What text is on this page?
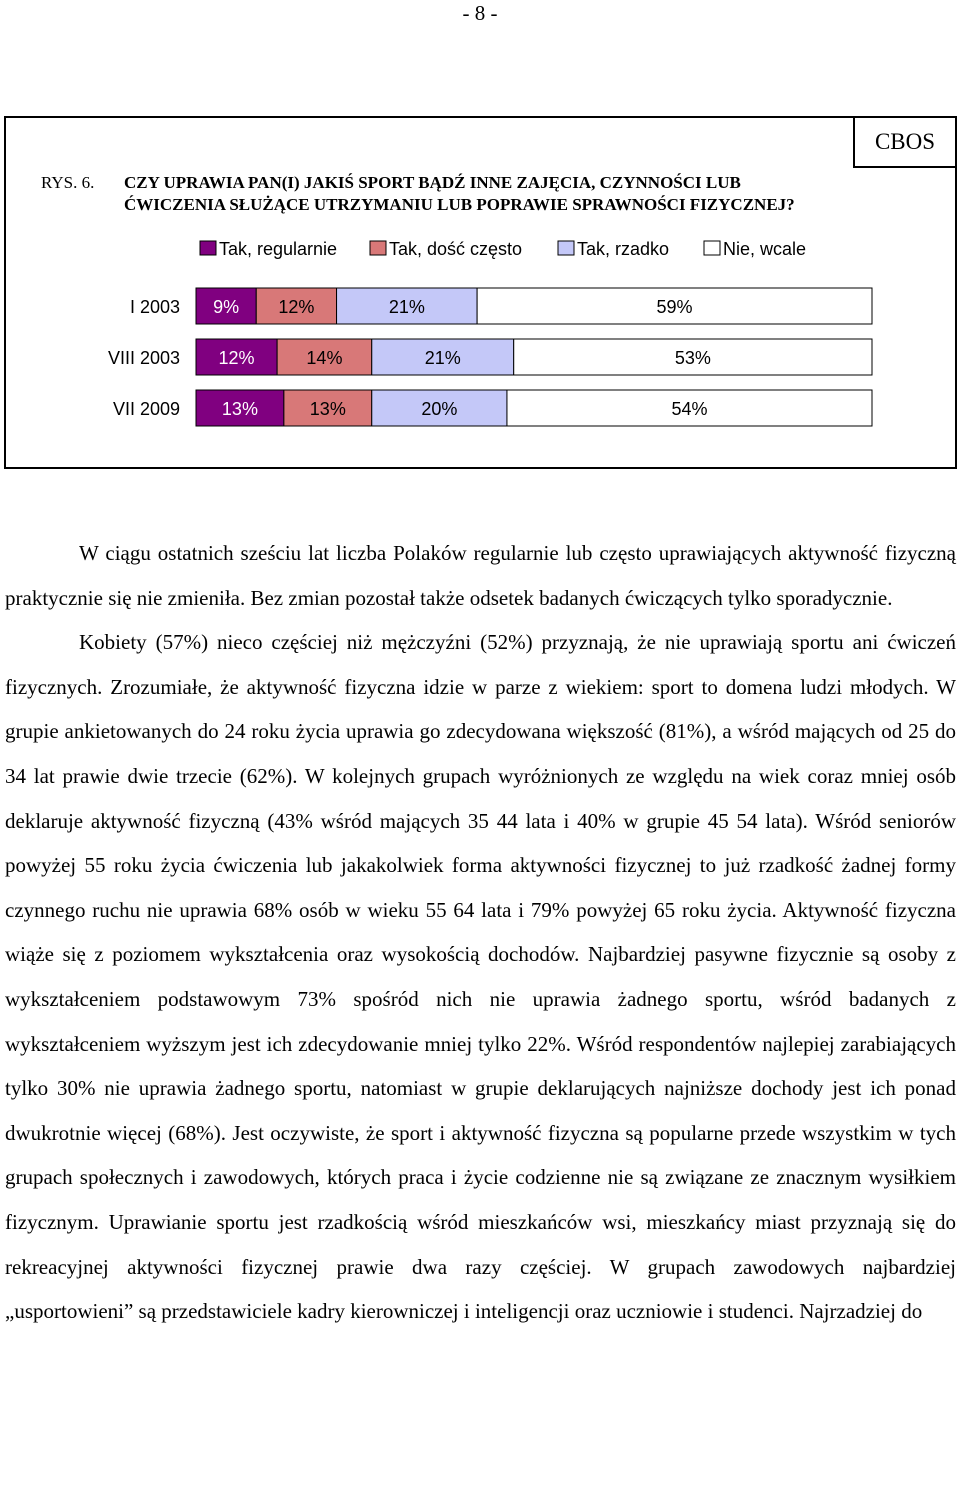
- 8 -
CBOS
RYS. 6. CZY UPRAWIA PAN(I) JAKIŚ SPORT BĄDŹ INNE ZAJĘCIA, CZYNNOŚCI LUB
ĆWICZENIA SŁUŻĄCE UTRZYMANIU LUB POPRAWIE SPRAWNOŚCI FIZYCZNEJ?
Tak, regularnie	Tak, dość często	Tak, rzadko	Nie, wcale
I 2003 9% 12%	21%	59%
VIII 2003 12%	14%	21%	53%
VII 2009 13%	13%	20%	54%

W ciągu ostatnich sześciu lat liczba Polaków regularnie lub często uprawiających aktywność fizyczną praktycznie się nie zmieniła. Bez zmian pozostał także odsetek badanych ćwiczących tylko sporadycznie.

Kobiety (57%) nieco częściej niż mężczyźni (52%) przyznają, że nie uprawiają sportu ani ćwiczeń fizycznych. Zrozumiałe, że aktywność fizyczna idzie w parze z wiekiem: sport to domena ludzi młodych. W grupie ankietowanych do 24 roku życia uprawia go zdecydowana większość (81%), a wśród mających od 25 do 34 lat prawie dwie trzecie (62%). W kolejnych grupach wyróżnionych ze względu na wiek coraz mniej osób deklaruje aktywność fizyczną (43% wśród mających 35 44 lata i 40% w grupie 45 54 lata). Wśród seniorów powyżej 55 roku życia ćwiczenia lub jakakolwiek forma aktywności fizycznej to już rzadkość żadnej formy czynnego ruchu nie uprawia 68% osób w wieku 55 64 lata i 79% powyżej 65 roku życia. Aktywność fizyczna wiąże się z poziomem wykształcenia oraz wysokością dochodów. Najbardziej pasywne fizycznie są osoby z wykształceniem podstawowym 73% spośród nich nie uprawia żadnego sportu, wśród badanych z wykształceniem wyższym jest ich zdecydowanie mniej tylko 22%. Wśród respondentów najlepiej zarabiających tylko 30% nie uprawia żadnego sportu, natomiast w grupie deklarujących najniższe dochody jest ich ponad dwukrotnie więcej (68%). Jest oczywiste, że sport i aktywność fizyczna są popularne przede wszystkim w tych grupach społecznych i zawodowych, których praca i życie codzienne nie są związane ze znacznym wysiłkiem fizycznym. Uprawianie sportu jest rzadkością wśród mieszkańców wsi, mieszkańcy miast przyznają się do rekreacyjnej aktywności fizycznej prawie dwa razy częściej. W grupach zawodowych najbardziej „usportowieni” są przedstawiciele kadry kierowniczej i inteligencji oraz uczniowie i studenci. Najrzadziej do
